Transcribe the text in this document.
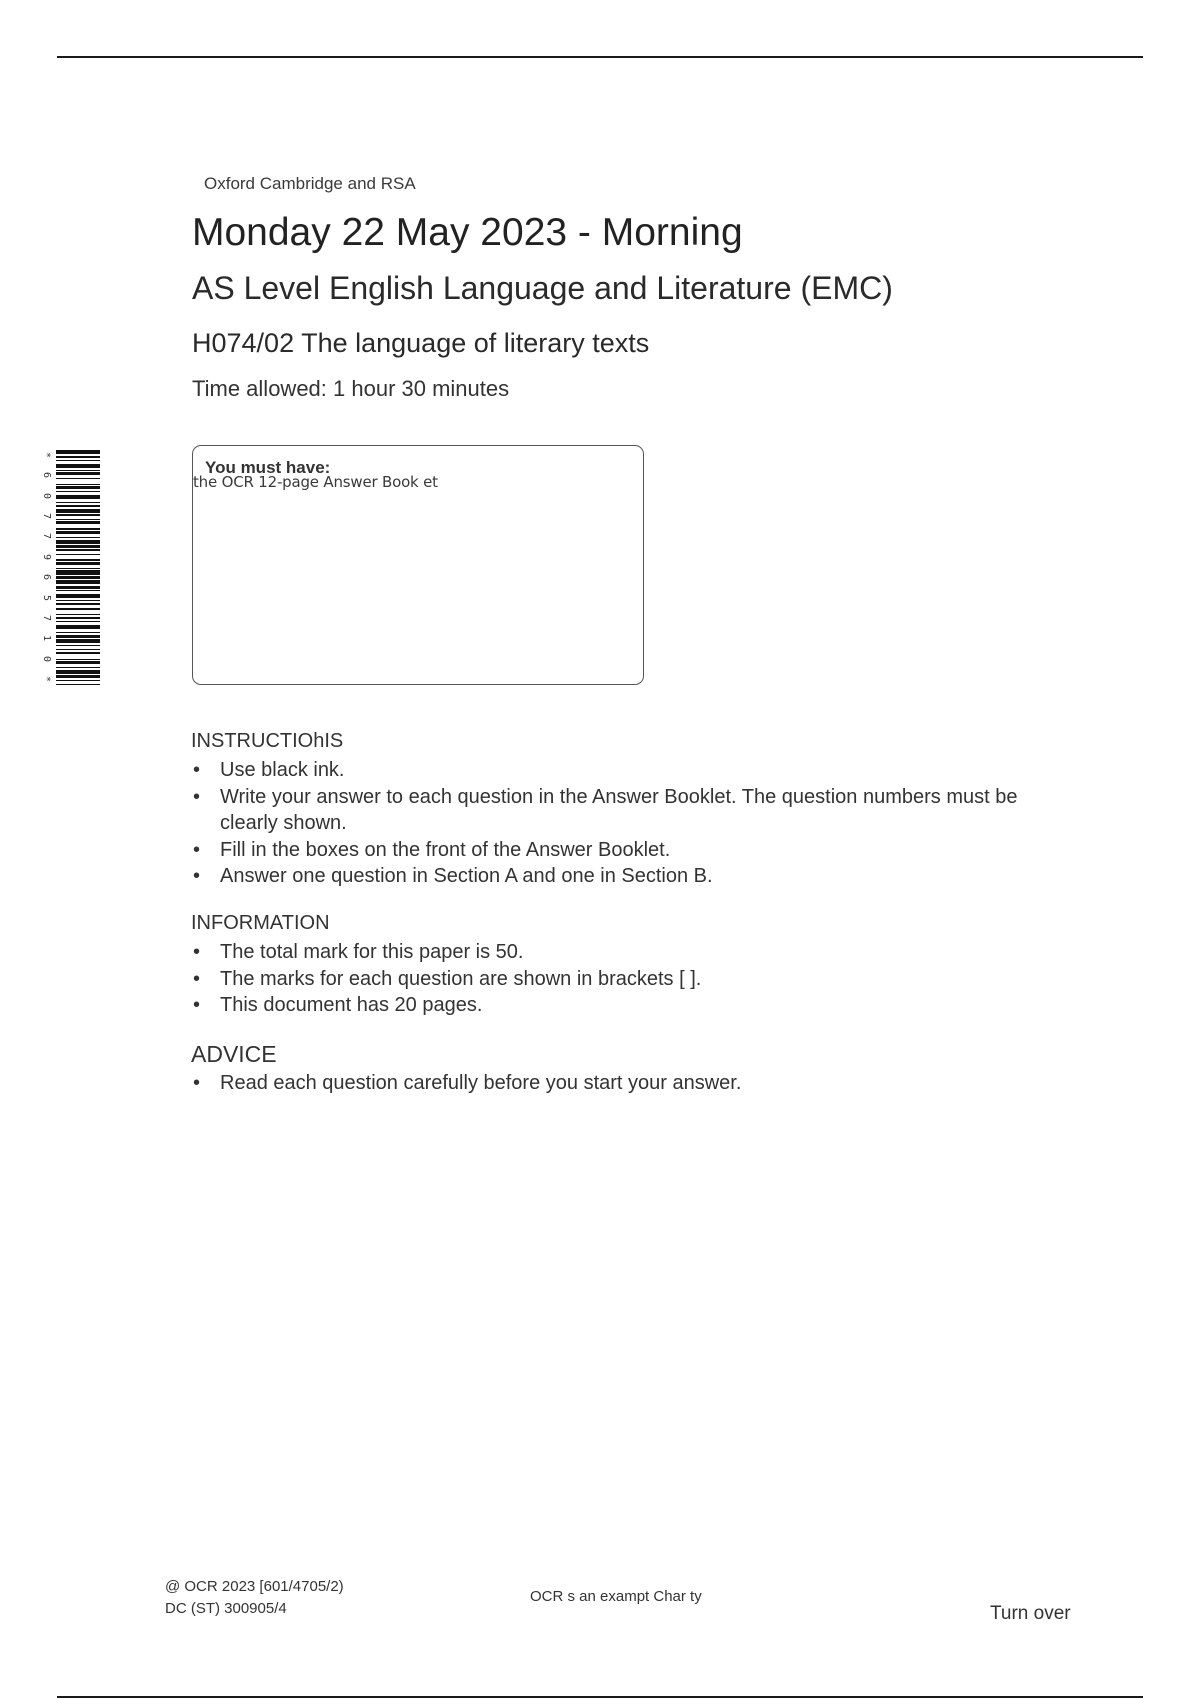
Oxford Cambridge and RSA
Monday 22 May 2023 - Morning
AS Level English Language and Literature (EMC)
H074/02 The language of literary texts
Time allowed: 1 hour 30 minutes
*
6
0
7
7
9
6
5
7
1
0
*
You must have:
the OCR 12-page Answer Book et
INSTRUCTIOhIS
• Use black ink.
• Write your answer to each question in the Answer Booklet. The question numbers must be clearly shown.
• Fill in the boxes on the front of the Answer Booklet.
• Answer one question in Section A and one in Section B.
INFORMATION
• The total mark for this paper is 50.
• The marks for each question are shown in brackets [ ].
• This document has 20 pages.
ADVICE
• Read each question carefully before you start your answer.
@ OCR 2023 [601/4705/2)
DC (ST) 300905/4
OCR s an exampt Char ty
Turn over
